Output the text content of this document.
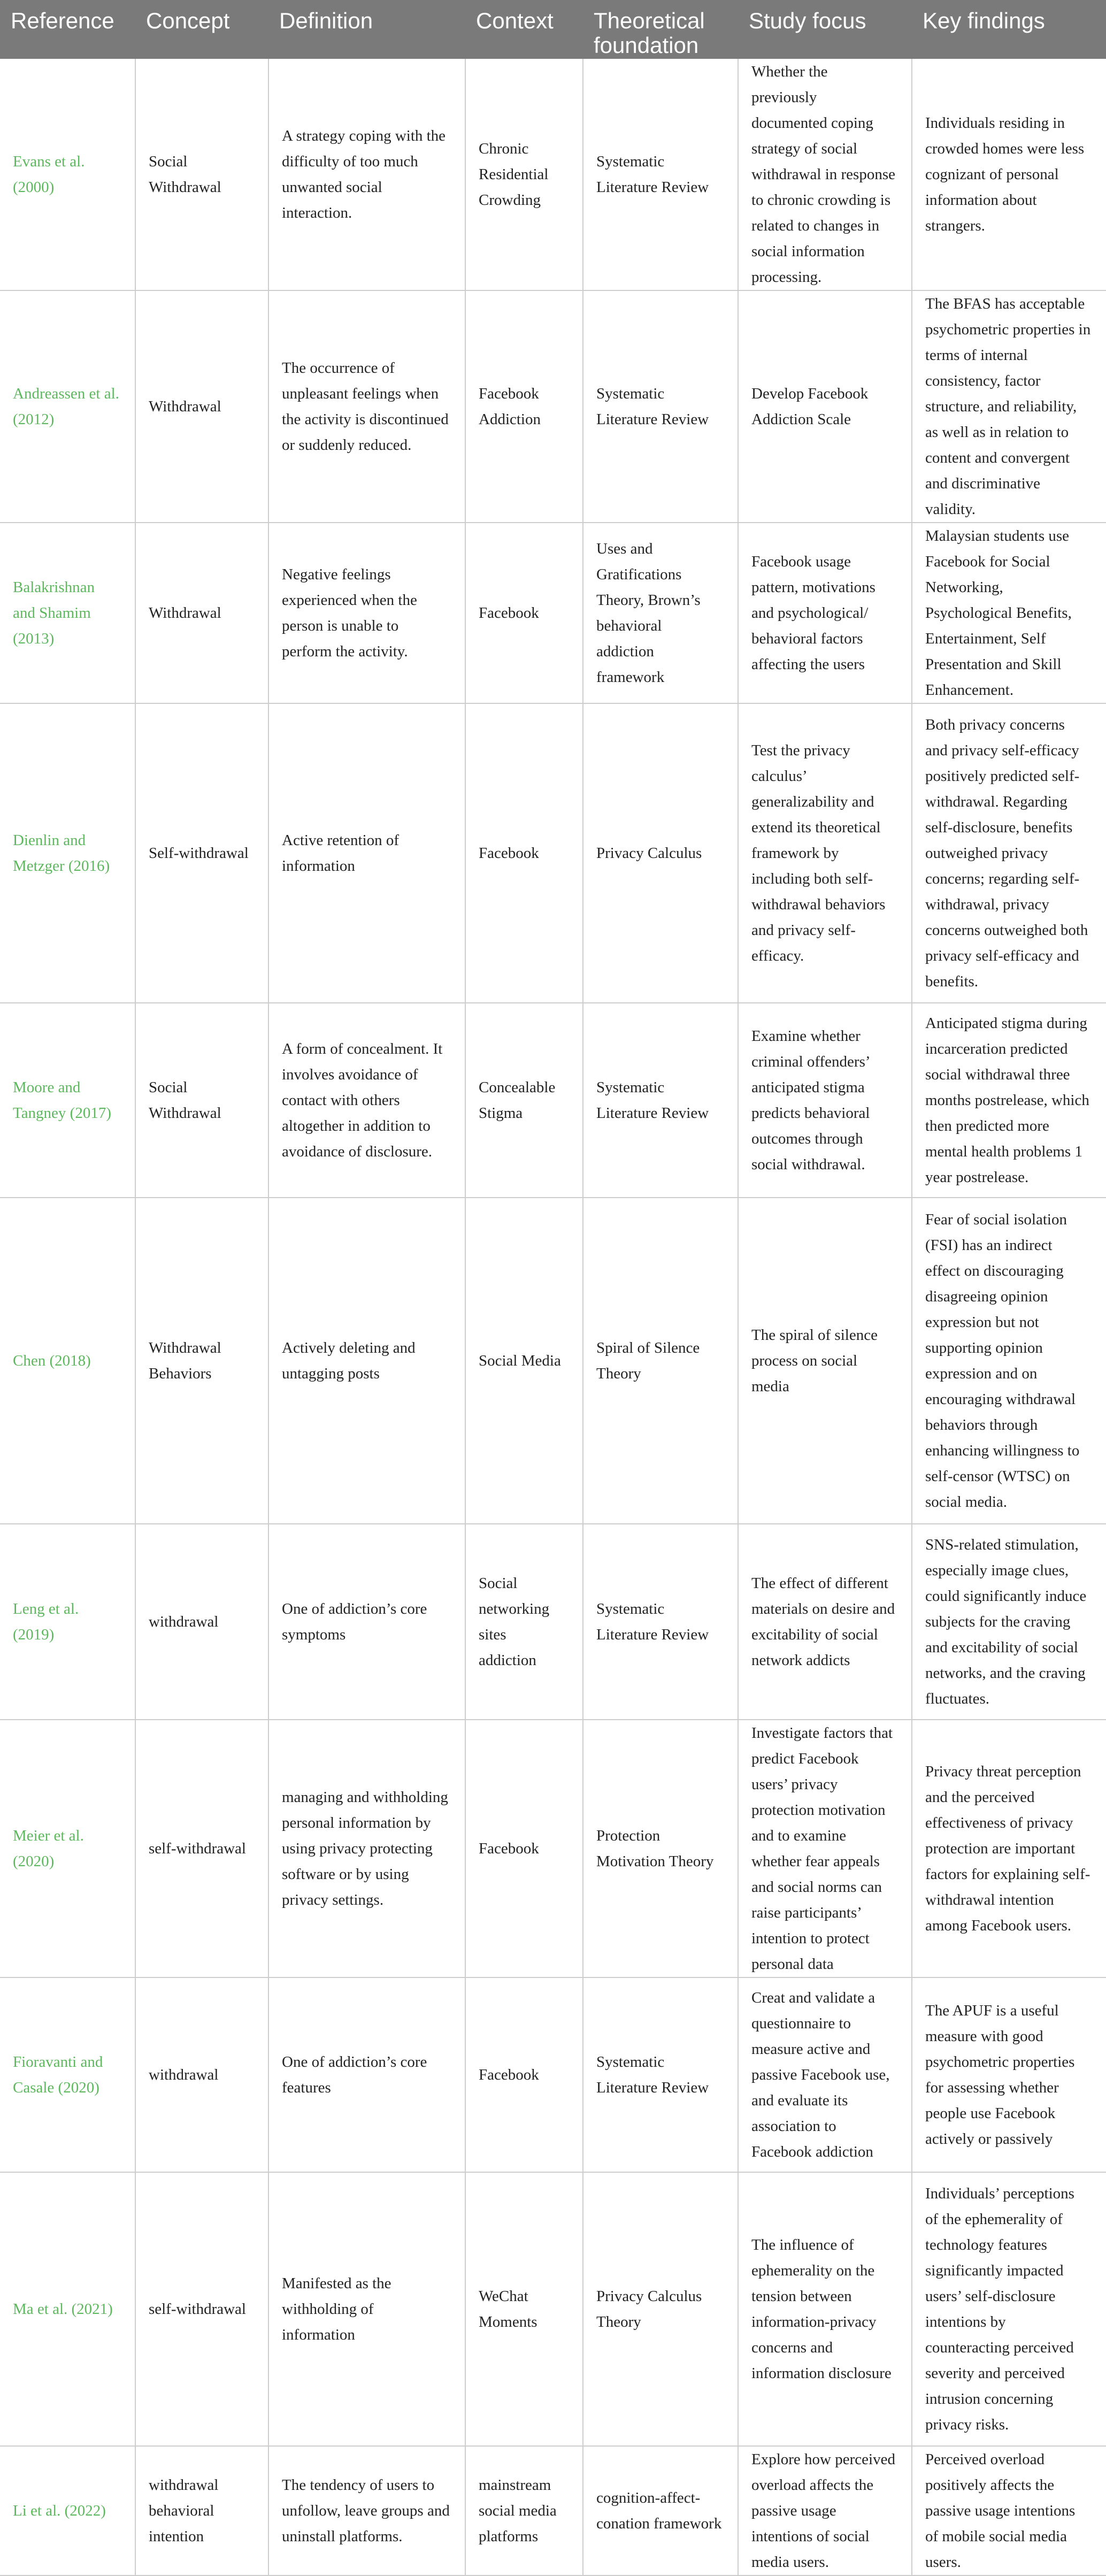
Reference	Concept	Definition	Context	Theoretical foundation	Study focus	Key findings
Evans et al. (2000)	Social Withdrawal	A strategy coping with the difficulty of too much unwanted social interaction.	Chronic Residential Crowding	Systematic Literature Review	Whether the previously documented coping strategy of social withdrawal in response to chronic crowding is related to changes in social information processing.	Individuals residing in crowded homes were less cognizant of personal information about strangers.
Andreassen et al. (2012)	Withdrawal	The occurrence of unpleasant feelings when the activity is discontinued or suddenly reduced.	Facebook Addiction	Systematic Literature Review	Develop Facebook Addiction Scale	The BFAS has acceptable psychometric properties in terms of internal consistency, factor structure, and reliability, as well as in relation to content and convergent and discriminative validity.
Balakrishnan and Shamim (2013)	Withdrawal	Negative feelings experienced when the person is unable to perform the activity.	Facebook	Uses and Gratifications Theory, Brown’s behavioral addiction framework	Facebook usage pattern, motivations and psychological/ behavioral factors affecting the users	Malaysian students use Facebook for Social Networking, Psychological Benefits, Entertainment, Self Presentation and Skill Enhancement.
Dienlin and Metzger (2016)	Self-withdrawal	Active retention of information	Facebook	Privacy Calculus	Test the privacy calculus’ generalizability and extend its theoretical framework by including both self-withdrawal behaviors and privacy self-efficacy.	Both privacy concerns and privacy self-efficacy positively predicted self-withdrawal. Regarding self-disclosure, benefits outweighed privacy concerns; regarding self-withdrawal, privacy concerns outweighed both privacy self-efficacy and benefits.
Moore and Tangney (2017)	Social Withdrawal	A form of concealment. It involves avoidance of contact with others altogether in addition to avoidance of disclosure.	Concealable Stigma	Systematic Literature Review	Examine whether criminal offenders’ anticipated stigma predicts behavioral outcomes through social withdrawal.	Anticipated stigma during incarceration predicted social withdrawal three months postrelease, which then predicted more mental health problems 1 year postrelease.
Chen (2018)	Withdrawal Behaviors	Actively deleting and untagging posts	Social Media	Spiral of Silence Theory	The spiral of silence process on social media	Fear of social isolation (FSI) has an indirect effect on discouraging disagreeing opinion expression but not supporting opinion expression and on encouraging withdrawal behaviors through enhancing willingness to self-censor (WTSC) on social media.
Leng et al. (2019)	withdrawal	One of addiction’s core symptoms	Social networking sites addiction	Systematic Literature Review	The effect of different materials on desire and excitability of social network addicts	SNS-related stimulation, especially image clues, could significantly induce subjects for the craving and excitability of social networks, and the craving fluctuates.
Meier et al. (2020)	self-withdrawal	managing and withholding personal information by using privacy protecting software or by using privacy settings.	Facebook	Protection Motivation Theory	Investigate factors that predict Facebook users’ privacy protection motivation and to examine whether fear appeals and social norms can raise participants’ intention to protect personal data	Privacy threat perception and the perceived effectiveness of privacy protection are important factors for explaining self-withdrawal intention among Facebook users.
Fioravanti and Casale (2020)	withdrawal	One of addiction’s core features	Facebook	Systematic Literature Review	Creat and validate a questionnaire to measure active and passive Facebook use, and evaluate its association to Facebook addiction	The APUF is a useful measure with good psychometric properties for assessing whether people use Facebook actively or passively
Ma et al. (2021)	self-withdrawal	Manifested as the withholding of information	WeChat Moments	Privacy Calculus Theory	The influence of ephemerality on the tension between information-privacy concerns and information disclosure	Individuals’ perceptions of the ephemerality of technology features significantly impacted users’ self-disclosure intentions by counteracting perceived severity and perceived intrusion concerning privacy risks.
Li et al. (2022)	withdrawal behavioral intention	The tendency of users to unfollow, leave groups and uninstall platforms.	mainstream social media platforms	cognition-affect-conation framework	Explore how perceived overload affects the passive usage intentions of social media users.	Perceived overload positively affects the passive usage intentions of mobile social media users.
